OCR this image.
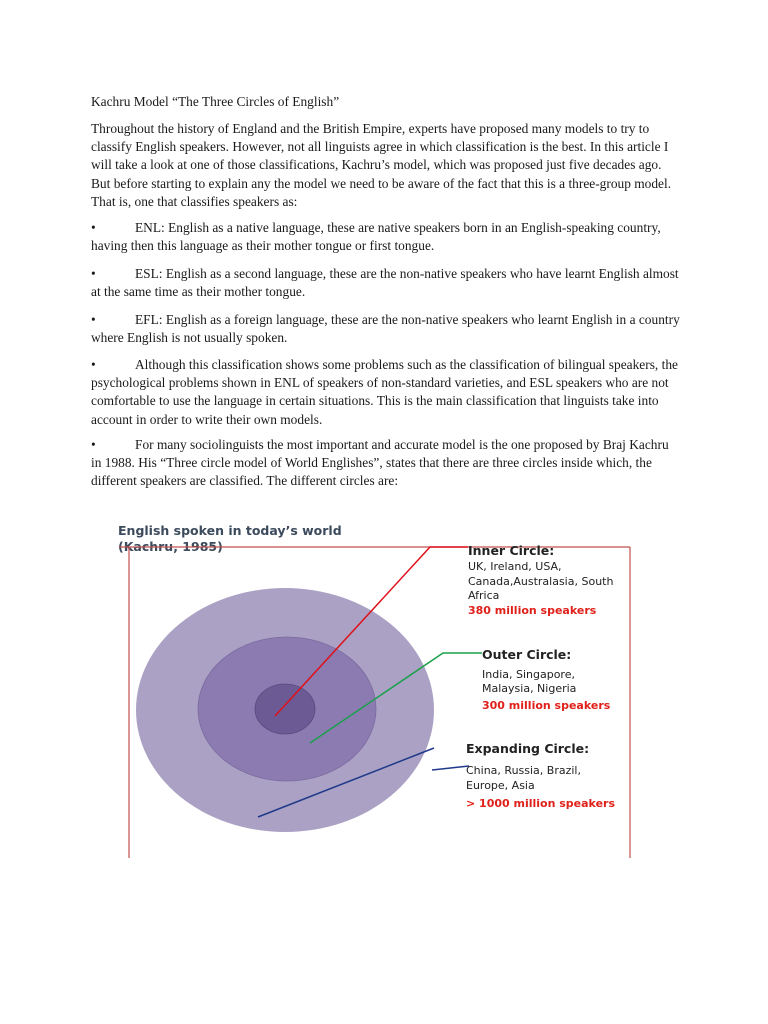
Kachru Model “The Three Circles of English”

Throughout the history of England and the British Empire, experts have proposed many models to try to classify English speakers. However, not all linguists agree in which classification is the best. In this article I will take a look at one of those classifications, Kachru’s model, which was proposed just five decades ago. But before starting to explain any the model we need to be aware of the fact that this is a three-group model. That is, one that classifies speakers as:

•	ENL: English as a native language, these are native speakers born in an English-speaking country, having then this language as their mother tongue or first tongue.

•	ESL: English as a second language, these are the non-native speakers who have learnt English almost at the same time as their mother tongue.

•	EFL: English as a foreign language, these are the non-native speakers who learnt English in a country where English is not usually spoken.

•	Although this classification shows some problems such as the classification of bilingual speakers, the psychological problems shown in ENL of speakers of non-standard varieties, and ESL speakers who are not comfortable to use the language in certain situations. This is the main classification that linguists take into account in order to write their own models.

•	For many sociolinguists the most important and accurate model is the one proposed by Braj Kachru in 1988. His “Three circle model of World Englishes”, states that there are three circles inside which, the different speakers are classified. The different circles are:

English spoken in today’s world
(Kachru, 1985)	Inner Circle:
UK, Ireland, USA,
Canada,Australasia, South
Africa
380 million speakers
Outer Circle:
India, Singapore,
Malaysia, Nigeria
300 million speakers
Expanding Circle:
China, Russia, Brazil,
Europe, Asia
> 1000 million speakers
